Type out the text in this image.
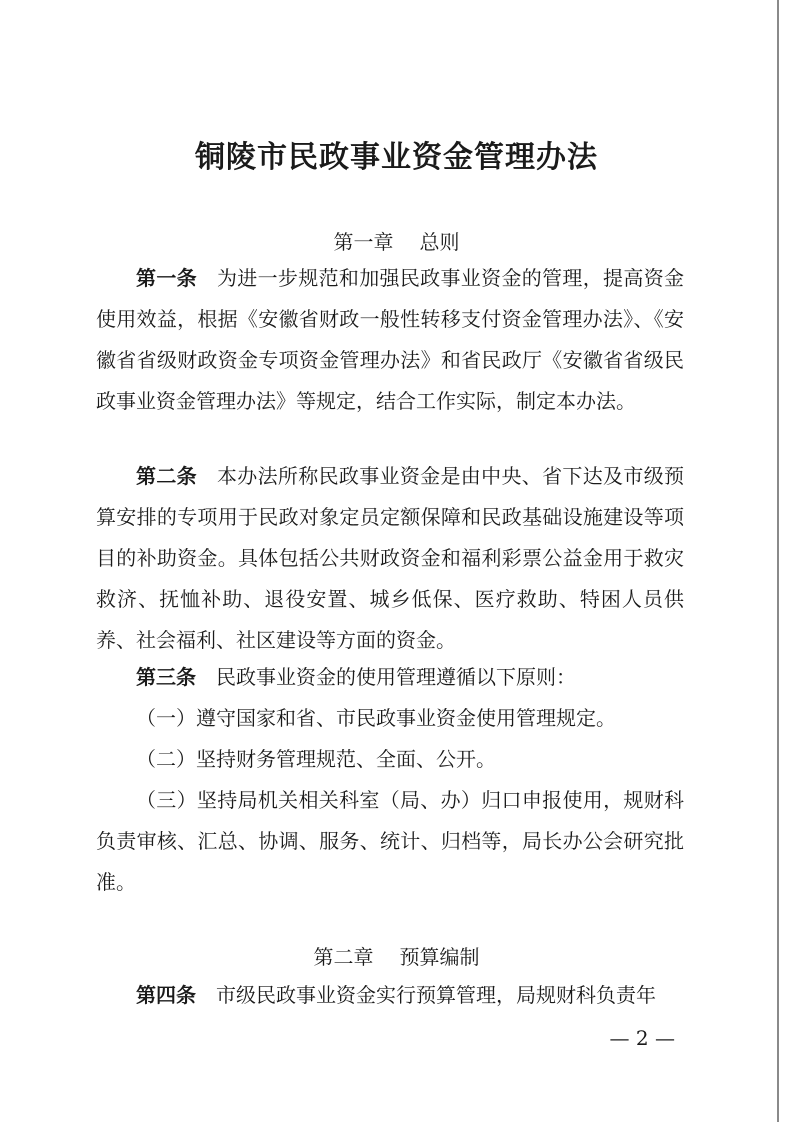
铜陵市民政事业资金管理办法
第一章 总则
第一条 为进一步规范和加强民政事业资金的管理，提高资金使用效益，根据《安徽省财政一般性转移支付资金管理办法》、《安徽省省级财政资金专项资金管理办法》和省民政厅《安徽省省级民政事业资金管理办法》等规定，结合工作实际，制定本办法。
第二条 本办法所称民政事业资金是由中央、省下达及市级预算安排的专项用于民政对象定员定额保障和民政基础设施建设等项目的补助资金。具体包括公共财政资金和福利彩票公益金用于救灾救济、抚恤补助、退役安置、城乡低保、医疗救助、特困人员供养、社会福利、社区建设等方面的资金。
第三条 民政事业资金的使用管理遵循以下原则：
（一）遵守国家和省、市民政事业资金使用管理规定。
（二）坚持财务管理规范、全面、公开。
（三）坚持局机关相关科室（局、办）归口申报使用，规财科负责审核、汇总、协调、服务、统计、归档等，局长办公会研究批准。
第二章 预算编制
第四条 市级民政事业资金实行预算管理，局规财科负责年
— 2 —
